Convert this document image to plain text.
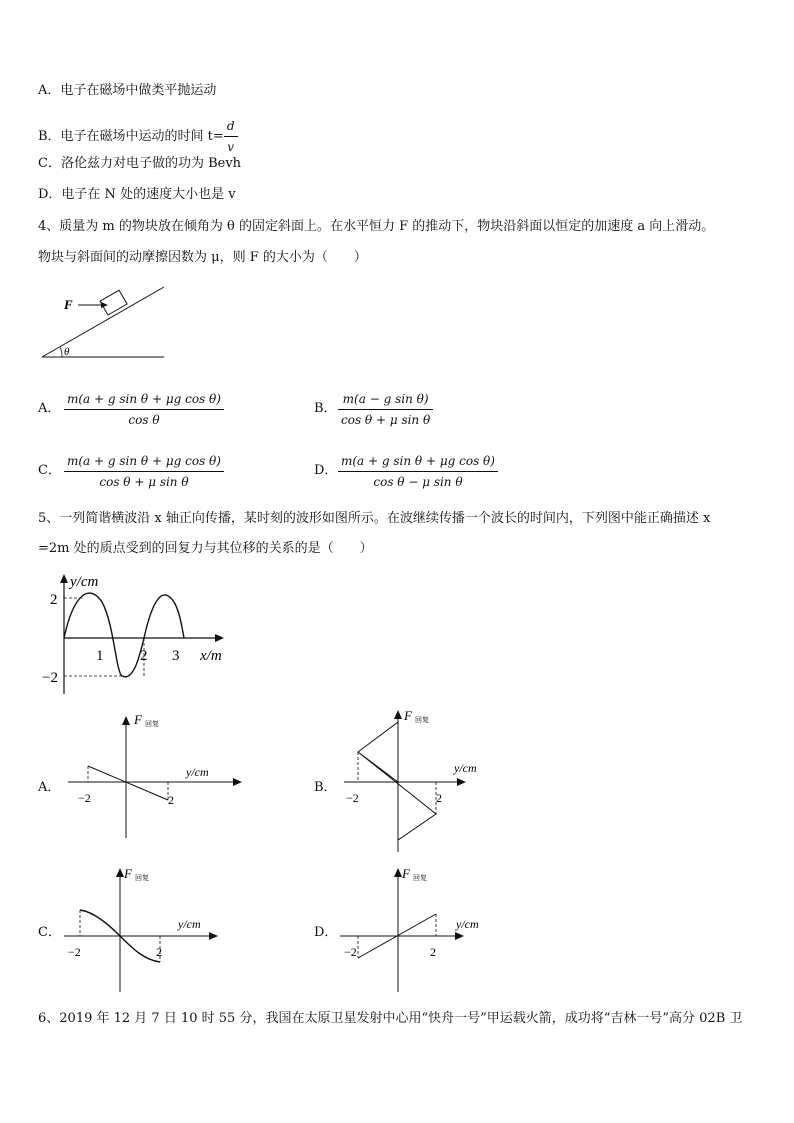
A．电子在磁场中做类平抛运动
B．电子在磁场中运动的时间 $t= \frac{d}{v}$
C．洛伦兹力对电子做的功为 Bevh
D．电子在 N 处的速度大小也是 v
4、质量为 m 的物块放在倾角为 θ 的固定斜面上。在水平恒力 F 的推动下，物块沿斜面以恒定的加速度 a 向上滑动。
物块与斜面间的动摩擦因数为 μ，则 F 的大小为（　　）
F
θ
A． $\frac{\text{m(a + g sin θ + μg cos θ)}}{\text{cos θ}}$	B． $\frac{\text{m(a − g sin θ)}}{\text{cos θ + μ sin θ}}$
C． $\frac{\text{m(a + g sin θ + μg cos θ)}}{\text{cos θ + μ sin θ}}$	D． $\frac{\text{m(a + g sin θ + μg cos θ)}}{\text{cos θ − μ sin θ}}$
5、一列简谐横波沿 x 轴正向传播，某时刻的波形如图所示。在波继续传播一个波长的时间内，下列图中能正确描述 x
=2m 处的质点受到的回复力与其位移的关系的是（　　）
y/cm
x/m
2
−2
1 2 3
A．
F 回复
y/cm
−2	2
B．
F 回复
y/cm
−2	2
C．
F 回复
y/cm
−2	2
D．
F 回复
y/cm
−2	2
6、2019 年 12 月 7 日 10 时 55 分，我国在太原卫星发射中心用“快舟一号”甲运载火箭，成功将“吉林一号”高分 02B 卫
